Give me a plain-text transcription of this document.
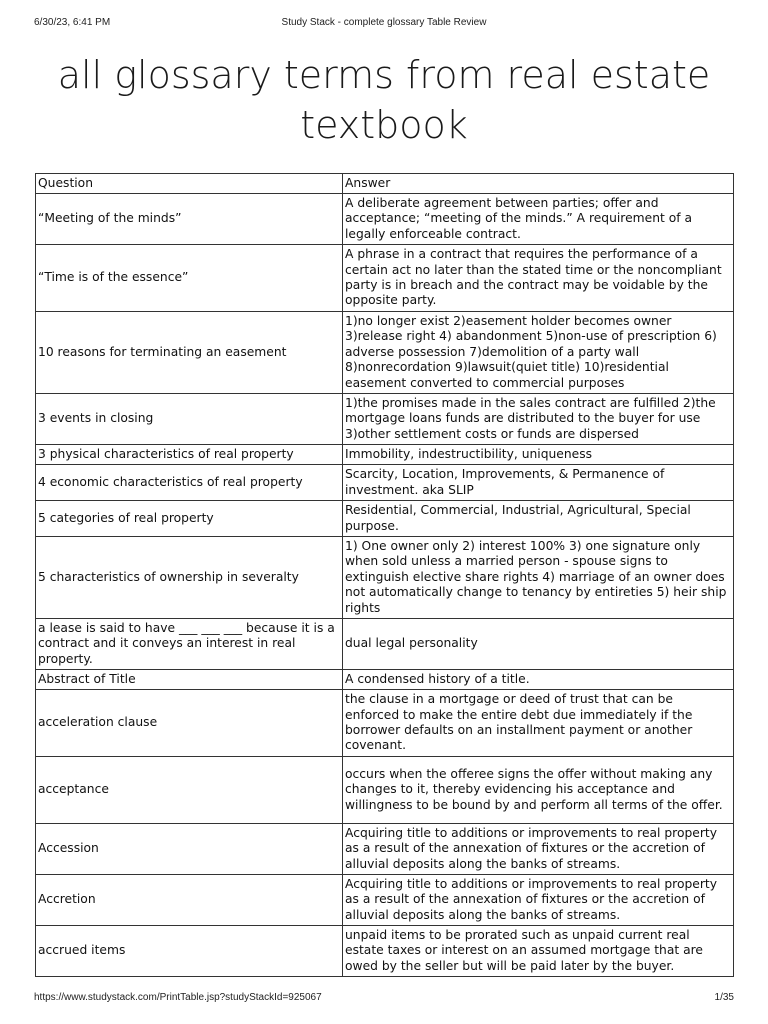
6/30/23, 6:41 PM	Study Stack - complete glossary Table Review
all glossary terms from real estate textbook
Question	Answer
“Meeting of the minds”	A deliberate agreement between parties; offer and acceptance; “meeting of the minds.” A requirement of a legally enforceable contract.
“Time is of the essence”	A phrase in a contract that requires the performance of a certain act no later than the stated time or the noncompliant party is in breach and the contract may be voidable by the opposite party.
10 reasons for terminating an easement	1)no longer exist 2)easement holder becomes owner 3)release right 4) abandonment 5)non-use of prescription 6) adverse possession 7)demolition of a party wall 8)nonrecordation 9)lawsuit(quiet title) 10)residential easement converted to commercial purposes
3 events in closing	1)the promises made in the sales contract are fulfilled 2)the mortgage loans funds are distributed to the buyer for use 3)other settlement costs or funds are dispersed
3 physical characteristics of real property	Immobility, indestructibility, uniqueness
4 economic characteristics of real property	Scarcity, Location, Improvements, & Permanence of investment. aka SLIP
5 categories of real property	Residential, Commercial, Industrial, Agricultural, Special purpose.
5 characteristics of ownership in severalty	1) One owner only 2) interest 100% 3) one signature only when sold unless a married person - spouse signs to extinguish elective share rights 4) marriage of an owner does not automatically change to tenancy by entireties 5) heir ship rights
a lease is said to have ___ ___ ___ because it is a contract and it conveys an interest in real property.	dual legal personality
Abstract of Title	A condensed history of a title.
acceleration clause	the clause in a mortgage or deed of trust that can be enforced to make the entire debt due immediately if the borrower defaults on an installment payment or another covenant.
acceptance	occurs when the offeree signs the offer without making any changes to it, thereby evidencing his acceptance and willingness to be bound by and perform all terms of the offer.
Accession	Acquiring title to additions or improvements to real property as a result of the annexation of fixtures or the accretion of alluvial deposits along the banks of streams.
Accretion	Acquiring title to additions or improvements to real property as a result of the annexation of fixtures or the accretion of alluvial deposits along the banks of streams.
accrued items	unpaid items to be prorated such as unpaid current real estate taxes or interest on an assumed mortgage that are owed by the seller but will be paid later by the buyer.
https://www.studystack.com/PrintTable.jsp?studyStackId=925067	1/35
